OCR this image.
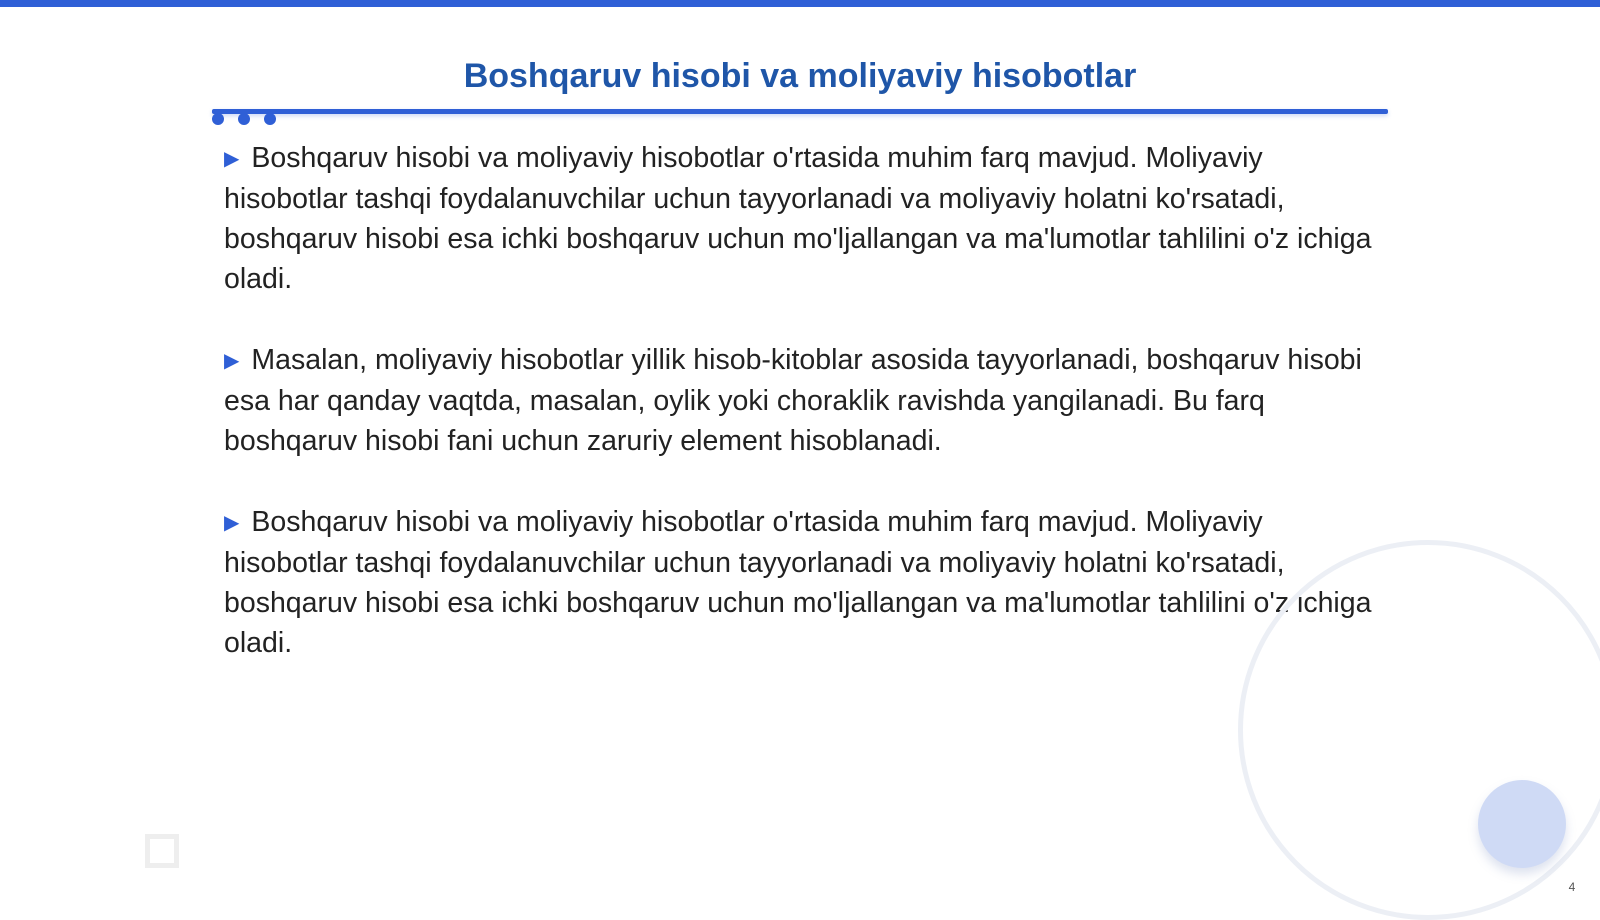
Boshqaruv hisobi va moliyaviy hisobotlar

▶ Boshqaruv hisobi va moliyaviy hisobotlar o'rtasida muhim farq mavjud. Moliyaviy hisobotlar tashqi foydalanuvchilar uchun tayyorlanadi va moliyaviy holatni ko'rsatadi, boshqaruv hisobi esa ichki boshqaruv uchun mo'ljallangan va ma'lumotlar tahlilini o'z ichiga oladi.

▶ Masalan, moliyaviy hisobotlar yillik hisob-kitoblar asosida tayyorlanadi, boshqaruv hisobi esa har qanday vaqtda, masalan, oylik yoki choraklik ravishda yangilanadi. Bu farq boshqaruv hisobi fani uchun zaruriy element hisoblanadi.

▶ Boshqaruv hisobi va moliyaviy hisobotlar o'rtasida muhim farq mavjud. Moliyaviy hisobotlar tashqi foydalanuvchilar uchun tayyorlanadi va moliyaviy holatni ko'rsatadi, boshqaruv hisobi esa ichki boshqaruv uchun mo'ljallangan va ma'lumotlar tahlilini o'z ichiga oladi.

4
